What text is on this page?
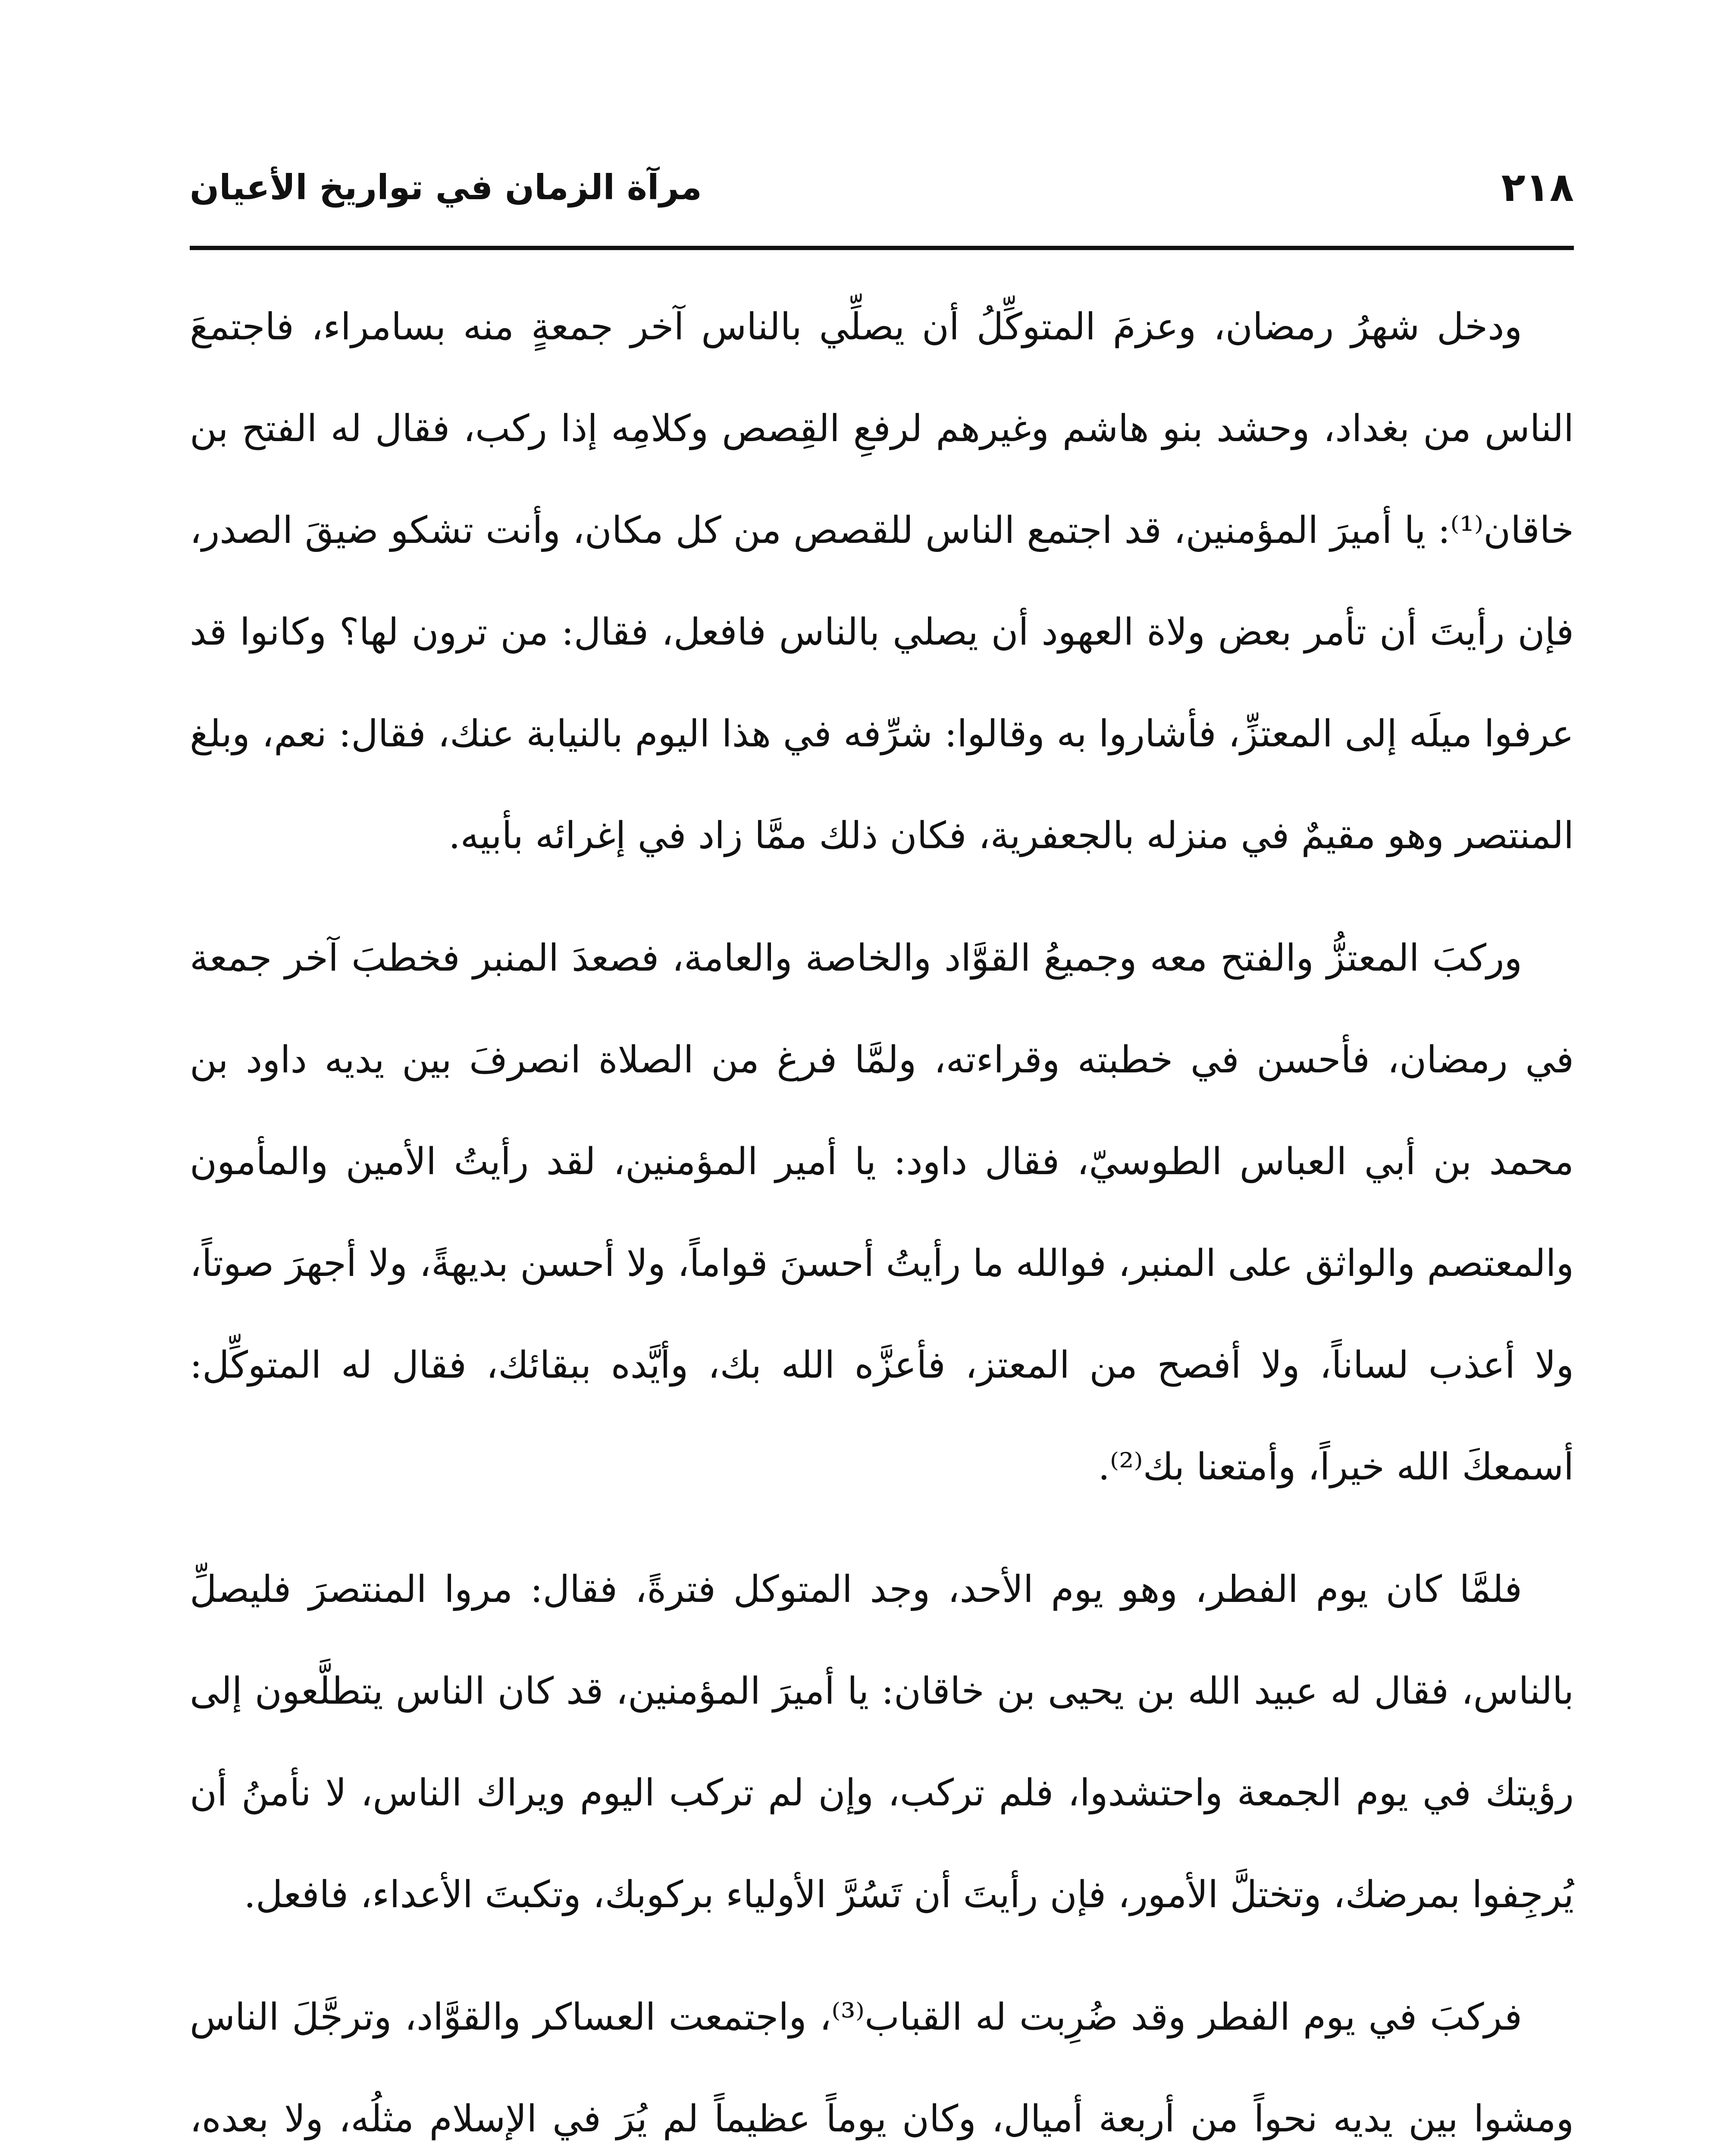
٢١٨
مرآة الزمان في تواريخ الأعيان

ودخل شهرُ رمضان، وعزمَ المتوكِّلُ أن يصلِّي بالناس آخر جمعةٍ منه بسامراء، فاجتمعَ الناس من بغداد، وحشد بنو هاشم وغيرهم لرفعِ القِصص وكلامِه إذا ركب، فقال له الفتح بن خاقان⁽¹⁾: يا أميرَ المؤمنين، قد اجتمع الناس للقصص من كل مكان، وأنت تشكو ضيقَ الصدر، فإن رأيتَ أن تأمر بعض ولاة العهود أن يصلي بالناس فافعل، فقال: من ترون لها؟ وكانوا قد عرفوا ميلَه إلى المعتزِّ، فأشاروا به وقالوا: شرِّفه في هذا اليوم بالنيابة عنك، فقال: نعم، وبلغ المنتصر وهو مقيمٌ في منزله بالجعفرية، فكان ذلك ممَّا زاد في إغرائه بأبيه.

وركبَ المعتزُّ والفتح معه وجميعُ القوَّاد والخاصة والعامة، فصعدَ المنبر فخطبَ آخر جمعة في رمضان، فأحسن في خطبته وقراءته، ولمَّا فرغ من الصلاة انصرفَ بين يديه داود بن محمد بن أبي العباس الطوسيّ، فقال داود: يا أمير المؤمنين، لقد رأيتُ الأمين والمأمون والمعتصم والواثق على المنبر، فوالله ما رأيتُ أحسنَ قواماً، ولا أحسن بديهةً، ولا أجهرَ صوتاً، ولا أعذب لساناً، ولا أفصح من المعتز، فأعزَّه الله بك، وأيَّده ببقائك، فقال له المتوكِّل: أسمعكَ الله خيراً، وأمتعنا بك⁽²⁾.

فلمَّا كان يوم الفطر، وهو يوم الأحد، وجد المتوكل فترةً، فقال: مروا المنتصرَ فليصلِّ بالناس، فقال له عبيد الله بن يحيى بن خاقان: يا أميرَ المؤمنين، قد كان الناس يتطلَّعون إلى رؤيتك في يوم الجمعة واحتشدوا، فلم تركب، وإن لم تركب اليوم ويراك الناس، لا نأمنُ أن يُرجِفوا بمرضك، وتختلَّ الأمور، فإن رأيتَ أن تَسُرَّ الأولياء بركوبك، وتكبتَ الأعداء، فافعل.

فركبَ في يوم الفطر وقد ضُرِبت له القباب⁽³⁾، واجتمعت العساكر والقوَّاد، وترجَّلَ الناس ومشوا بين يديه نحواً من أربعة أميال، وكان يوماً عظيماً لم يُرَ في الإسلام مثلُه، ولا بعده،
